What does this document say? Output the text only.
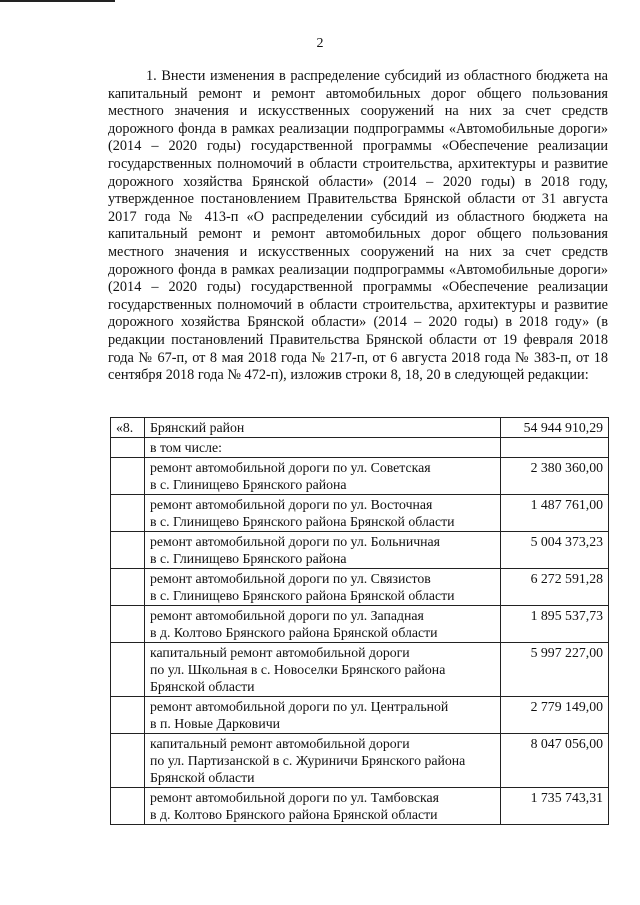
2

1. Внести изменения в распределение субсидий из областного бюджета на капитальный ремонт и ремонт автомобильных дорог общего пользования местного значения и искусственных сооружений на них за счет средств дорожного фонда в рамках реализации подпрограммы «Автомобильные дороги» (2014 – 2020 годы) государственной программы «Обеспечение реализации государственных полномочий в области строительства, архитектуры и развитие дорожного хозяйства Брянской области» (2014 – 2020 годы) в 2018 году, утвержденное постановлением Правительства Брянской области от 31 августа 2017 года № 413-п «О распределении субсидий из областного бюджета на капитальный ремонт и ремонт автомобильных дорог общего пользования местного значения и искусственных сооружений на них за счет средств дорожного фонда в рамках реализации подпрограммы «Автомобильные дороги» (2014 – 2020 годы) государственной программы «Обеспечение реализации государственных полномочий в области строительства, архитектуры и развитие дорожного хозяйства Брянской области» (2014 – 2020 годы) в 2018 году» (в редакции постановлений Правительства Брянской области от 19 февраля 2018 года № 67-п, от 8 мая 2018 года № 217-п, от 6 августа 2018 года № 383-п, от 18 сентября 2018 года № 472-п), изложив строки 8, 18, 20 в следующей редакции:

«8.	Брянский район	54 944 910,29
	в том числе:	

	ремонт автомобильной дороги по ул. Советская
в с. Глинищево Брянского района	2 380 360,00

	ремонт автомобильной дороги по ул. Восточная
в с. Глинищево Брянского района Брянской области	1 487 761,00

	ремонт автомобильной дороги по ул. Больничная
в с. Глинищево Брянского района	5 004 373,23

	ремонт автомобильной дороги по ул. Связистов
в с. Глинищево Брянского района Брянской области	6 272 591,28

	ремонт автомобильной дороги по ул. Западная
в д. Колтово Брянского района Брянской области	1 895 537,73

	капитальный ремонт автомобильной дороги
по ул. Школьная в с. Новоселки Брянского района
Брянской области	5 997 227,00

	ремонт автомобильной дороги по ул. Центральной
в п. Новые Дарковичи	2 779 149,00

	капитальный ремонт автомобильной дороги
по ул. Партизанской в с. Журиничи Брянского района
Брянской области	8 047 056,00

	ремонт автомобильной дороги по ул. Тамбовская
в д. Колтово Брянского района Брянской области	1 735 743,31
